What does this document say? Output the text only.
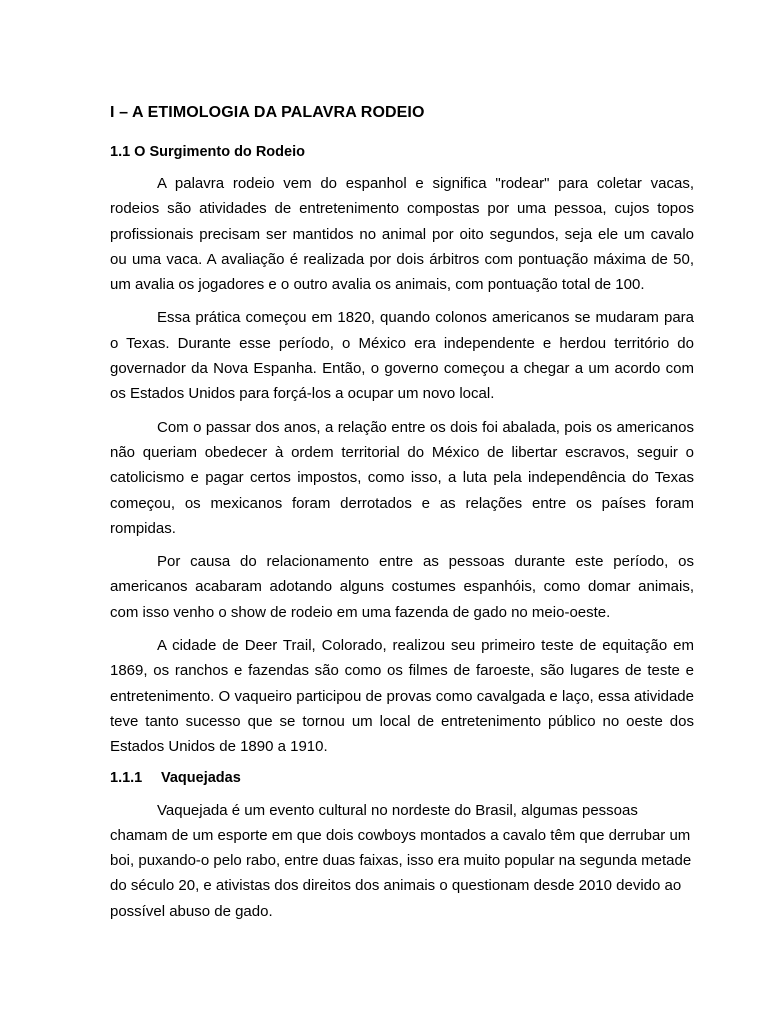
I – A ETIMOLOGIA DA PALAVRA RODEIO
1.1 O Surgimento do Rodeio

A palavra rodeio vem do espanhol e significa "rodear" para coletar vacas, rodeios são atividades de entretenimento compostas por uma pessoa, cujos topos profissionais precisam ser mantidos no animal por oito segundos, seja ele um cavalo ou uma vaca. A avaliação é realizada por dois árbitros com pontuação máxima de 50, um avalia os jogadores e o outro avalia os animais, com pontuação total de 100.

Essa prática começou em 1820, quando colonos americanos se mudaram para o Texas. Durante esse período, o México era independente e herdou território do governador da Nova Espanha. Então, o governo começou a chegar a um acordo com os Estados Unidos para forçá-los a ocupar um novo local.

Com o passar dos anos, a relação entre os dois foi abalada, pois os americanos não queriam obedecer à ordem territorial do México de libertar escravos, seguir o catolicismo e pagar certos impostos, como isso, a luta pela independência do Texas começou, os mexicanos foram derrotados e as relações entre os países foram rompidas.

Por causa do relacionamento entre as pessoas durante este período, os americanos acabaram adotando alguns costumes espanhóis, como domar animais, com isso venho o show de rodeio em uma fazenda de gado no meio-oeste.

A cidade de Deer Trail, Colorado, realizou seu primeiro teste de equitação em 1869, os ranchos e fazendas são como os filmes de faroeste, são lugares de teste e entretenimento. O vaqueiro participou de provas como cavalgada e laço, essa atividade teve tanto sucesso que se tornou um local de entretenimento público no oeste dos Estados Unidos de 1890 a 1910.

1.1.1 Vaquejadas

Vaquejada é um evento cultural no nordeste do Brasil, algumas pessoas chamam de um esporte em que dois cowboys montados a cavalo têm que derrubar um boi, puxando-o pelo rabo, entre duas faixas, isso era muito popular na segunda metade do século 20, e ativistas dos direitos dos animais o questionam desde 2010 devido ao possível abuso de gado.
